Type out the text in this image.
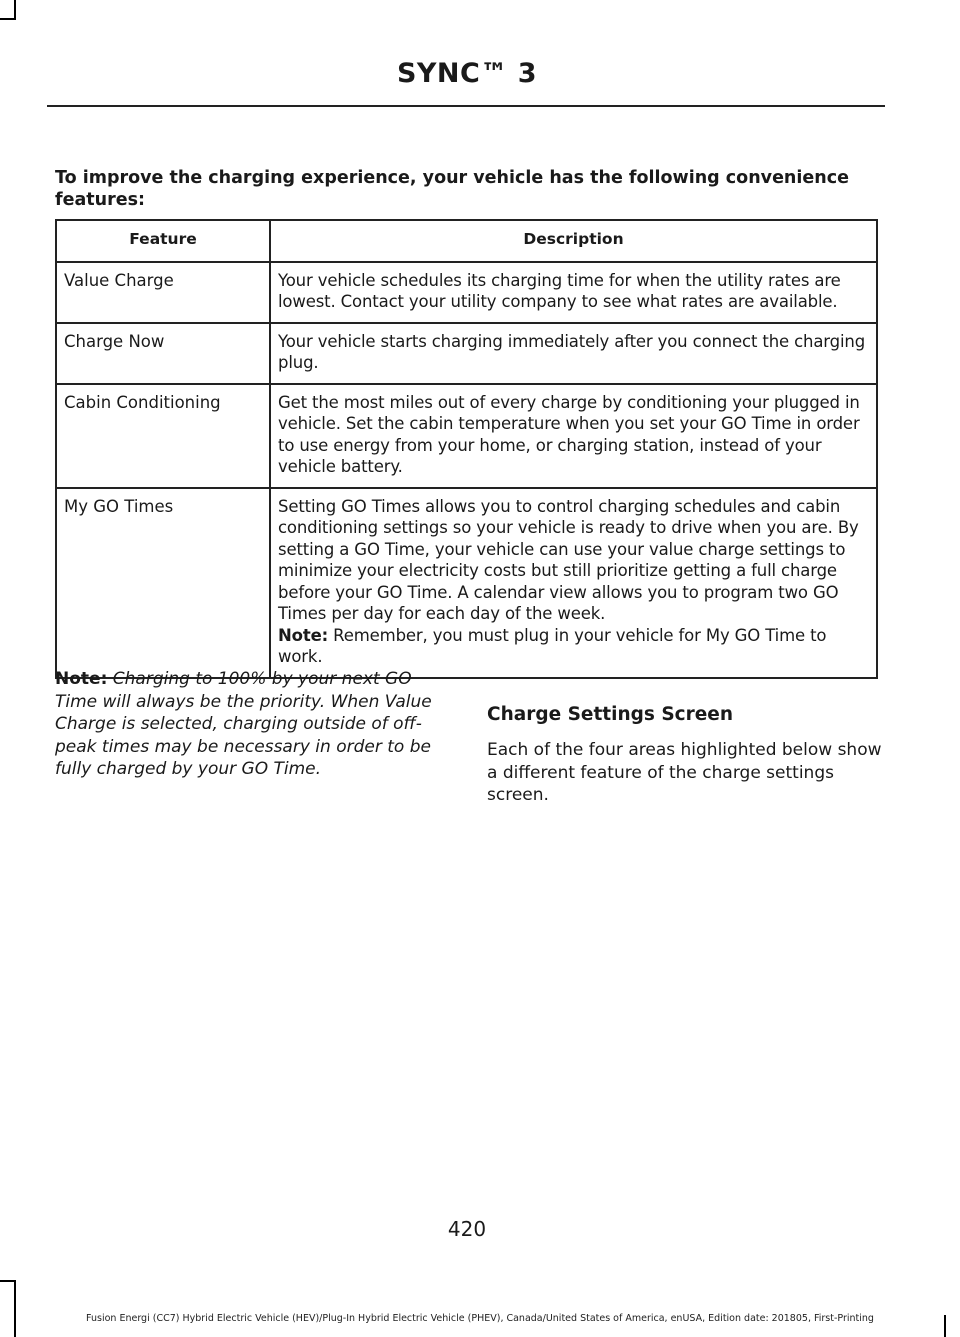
SYNC™ 3
To improve the charging experience, your vehicle has the following convenience features:
Feature	Description
Value Charge	Your vehicle schedules its charging time for when the utility rates are lowest. Contact your utility company to see what rates are available.
Charge Now	Your vehicle starts charging immediately after you connect the charging plug.
Cabin Conditioning	Get the most miles out of every charge by conditioning your plugged in vehicle. Set the cabin temperature when you set your GO Time in order to use energy from your home, or charging station, instead of your vehicle battery.
My GO Times	Setting GO Times allows you to control charging schedules and cabin conditioning settings so your vehicle is ready to drive when you are. By setting a GO Time, your vehicle can use your value charge settings to minimize your electricity costs but still prioritize getting a full charge before your GO Time. A calendar view allows you to program two GO Times per day for each day of the week.
Note: Remember, you must plug in your vehicle for My GO Time to work.
Note: Charging to 100% by your next GO Time will always be the priority. When Value Charge is selected, charging outside of off-peak times may be necessary in order to be fully charged by your GO Time.
Charge Settings Screen

Each of the four areas highlighted below show a different feature of the charge settings screen.

420
Fusion Energi (CC7) Hybrid Electric Vehicle (HEV)/Plug-In Hybrid Electric Vehicle (PHEV), Canada/United States of America, enUSA, Edition date: 201805, First-Printing
